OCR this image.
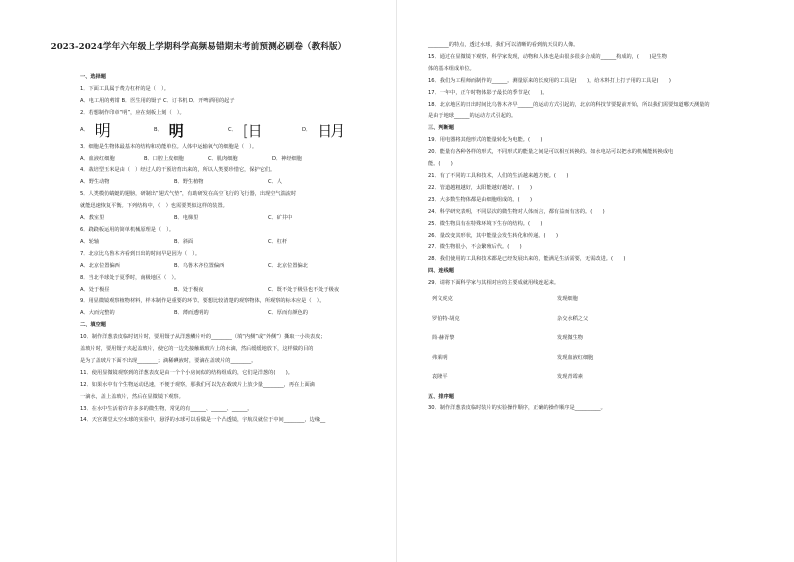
2023-2024学年六年级上学期科学高频易错期末考前预测必刷卷（教科版）
一、选择题
1．下面工具属于费力杠杆的是（　）。
A．电工用的剪钳 B．医生用的镊子 C．订书机 D．开啤酒用的起子
2．若想制作印章“明”，应在刻板上刻（　）。
A． 明	B． 明	C． [日	D． 日月
3．细胞是生物体最基本的结构和功能单位。人体中运输氧气的细胞是（　）。
A．血液红细胞	B．口腔上皮细胞	C．肌肉细胞	D．神经细胞
4．栽培型玉米是由（　）经过人的干预培育出来的，所以人类要珍惜它，保护它们。
A．野生动物	B．野生植物	C．人
5．人类模仿蜻蜓的翅膀，研制出“翅式气垫”，有助研发在高空飞行的飞行器，出现空气湍流时
就能迅速恢复平衡。下列结构中，（　）也需要类似这样的装置。
A．教室里	B．电梯里	C．矿井中
6．跷跷板运用的简单机械原理是（　）。
A．轮轴	B．斜面	C．杠杆
7．北京比乌鲁木齐看到日出的时间早是因为（　）。
A．北京位置偏西	B．乌鲁木齐位置偏西	C．北京位置偏北
8．当北半球处于夏季时，南极地区（　）。
A．处于极昼	B．处于极夜	C．既不处于极昼也不处于极夜
9．用显微镜观察植物材料，样本制作是重要的环节。要想比较清楚的观察物体，所观察的标本应是（　）。
A．大而完整的	B．薄而透明的	C．厚而有颜色的
二、填空题
10．制作洋葱表皮临时切片时，要用镊子从洋葱鳞片叶的________（填“内侧”或“外侧”）撕取一小块表皮；
盖玻片时，要用镊子夹起盖玻片，使它的一边先接触载玻片上的水滴，然后缓缓地放下，这样做的目的
是为了盖玻片下面不出现________；滴稀碘液时，要滴在盖玻片的________。
11．使用显微镜观察到的洋葱表皮是由一个个小房间似的结构组成的，它们是洋葱的(　　)。
12．如果水中有个生物运动迅速，不便于观察，那我们可以先在载玻片上放少量________，再在上面滴
一滴水，盖上盖玻片，然后在显微镜下观察。
13．在水中生活着许许多多的微生物，常见的有______、______、______。
14．天宫课堂太空水球的实验中，悬浮的水球可以看做是一个凸透镜，宇航员就位于中间________，边缘__
________的特点，透过水球，我们可以清晰的看到航天员的人像。
15．通过在显微镜下观察，科学家发现，动物和人体也是由很多很多合成的______构成的，(　　)是生物
体的基本组成单位。
16．我们为工程师而制作的______。测量原来的长度用的工具是(　　)，给木料打上打子用的工具是(　　)
17．一年中，正午时物体影子最长的季节是(　　)。
18．北京地区的日出时间比乌鲁木齐早______的运动方式引起的，北京的科技节要提前开始，所以我们需要知道哪天测量的
是由于地球______的运动方式引起的。
三、判断题
19．用电器将其他形式的能量转化为电能。(　　)
20．能量有各种各样的形式，不同形式的能量之间是可以相互转换的。如水电站可以把水的机械能转换成电
能。(　　)
21．有了不同的工具和技术，人们的生活越来越方便。(　　)
22．管道越粗越好，太阳能越好越好。(　　)
23．大多数生物体都是由细胞组成的。(　　)
24．科学研究表明，不同层次的微生物对人体而言，都有益而有害的。(　　)
25．微生物具有在特殊环境下生存的结构。(　　)
26．量改变其形状，其中能量会发生转化和传递。(　　)
27．微生物很小，不会繁殖后代。(　　)
28．我们使用的工具和技术都是已经发展出来的，能满足生活需要，无需改进。(　　)
四、连线题
29．请将下面科学家与其相对应的主要成就用线连起来。
列文虎克	发现细胞
罗伯特·胡克	杂交水稻之父
简·赫胥黎	发现微生物
弗莱明	发现血液红细胞
袁隆平	发现青霉素
五、排序题
30．制作洋葱表皮临时装片的实验操作顺序，正确的操作顺序是__________。
